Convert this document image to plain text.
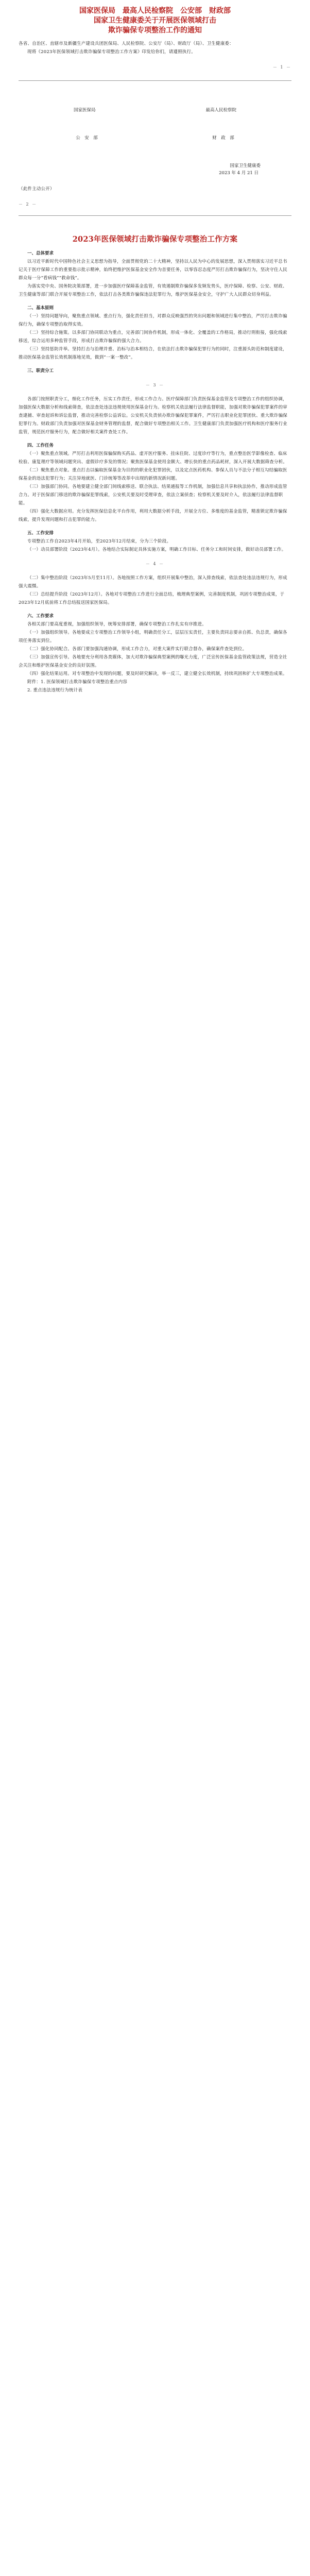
国家医保局　最高人民检察院　公安部　财政部

国家卫生健康委关于开展医保领域打击

欺诈骗保专项整治工作的通知

各省、自治区、直辖市及新疆生产建设兵团医保局、人民检察院、公安厅（局）、财政厅（局）、卫生健康委：

现将《2023年医保领域打击欺诈骗保专项整治工作方案》印发给你们，请遵照执行。

－ 1 －

国家医保局	最高人民检察院
公　安　部	财　政　部
国家卫生健康委
2023 年 4 月 21 日

（此件主动公开）

－ 2 －

2023年医保领域打击欺诈骗保专项整治工作方案

一、总体要求

以习近平新时代中国特色社会主义思想为指导，全面贯彻党的二十大精神，坚持以人民为中心的发展思想，深入贯彻落实习近平总书记关于医疗保障工作的重要指示批示精神，始终把维护医保基金安全作为首要任务，以零容忍态度严厉打击欺诈骗保行为，坚决守住人民群众每一分“看病钱”“救命钱”。

为落实党中央、国务院决策部署，进一步加强医疗保障基金监管，有效遏制欺诈骗保多发频发势头，医疗保障、检察、公安、财政、卫生健康等部门联合开展专项整治工作，依法打击各类欺诈骗保违法犯罪行为，维护医保基金安全，守护广大人民群众切身利益。

二、基本原则

（一）坚持问题导向，聚焦重点领域、重点行为，强化责任担当，对群众反映强烈的突出问题和领域进行集中整治，严厉打击欺诈骗保行为，确保专项整治取得实效。

（二）坚持综合施策。以多部门协同联动为重点，完善部门间协作机制，形成一体化、全覆盖的工作格局，推动行刑衔接，强化线索移送，综合运用多种监管手段，形成打击欺诈骗保的强大合力。

（三）坚持惩防并举。坚持打击与治理并重、治标与治本相结合，在依法打击欺诈骗保犯罪行为的同时，注重源头防范和制度建设，推动医保基金监管长效机制落地见效，做到“一案一整改”。

三、职责分工

－ 3 －

各部门按照职责分工，细化工作任务，压实工作责任，形成工作合力。医疗保障部门负责医保基金监管及专项整治工作的组织协调，加强医保大数据分析和线索筛查，依法查处违法违规使用医保基金行为。检察机关依法履行法律监督职能，加强对欺诈骗保犯罪案件的审查逮捕、审查起诉和诉讼监督，推动完善检察公益诉讼。公安机关负责侦办欺诈骗保犯罪案件，严厉打击职业化犯罪团伙、重大欺诈骗保犯罪行为。财政部门负责加强对医保基金财务管理的监督，配合做好专项整治相关工作。卫生健康部门负责加强医疗机构和医疗服务行业监管，规范医疗服务行为，配合做好相关案件查处工作。

四、工作任务

（一）聚焦重点领域。严厉打击利用医保骗保购买药品、虚开医疗服务、挂床住院、过度诊疗等行为，重点整治医学影像检查、临床检验、康复理疗等领域问题突出、虚假诊疗多发的情况；聚焦医保基金使用金额大、增长快的重点药品耗材，深入开展大数据筛查分析。

（二）聚焦重点对象。重点打击以骗取医保基金为目的的职业化犯罪团伙，以及定点医药机构、参保人员与不法分子相互勾结骗取医保基金的违法犯罪行为；关注异地就医、门诊统筹等改革中出现的新情况新问题。

（三）加强部门协同。各地要建立健全部门间线索移送、联合执法、结果通报等工作机制，加强信息共享和执法协作，推动形成监管合力。对于医保部门移送的欺诈骗保犯罪线索，公安机关要及时受理审查，依法立案侦查；检察机关要及时介入，依法履行法律监督职能。

（四）强化大数据应用。充分发挥医保信息化平台作用，利用大数据分析手段，开展全方位、多维度的基金监管，精准锁定欺诈骗保线索，提升发现问题和打击犯罪的能力。

五、工作安排

专项整治工作自2023年4月开始，至2023年12月结束，分为三个阶段。

（一）动员部署阶段（2023年4月）。各地结合实际制定具体实施方案，明确工作目标、任务分工和时间安排，做好动员部署工作。

－ 4 －

（二）集中整治阶段（2023年5月至11月）。各地按照工作方案，组织开展集中整治，深入排查线索，依法查处违法违规行为，形成强大震慑。

（三）总结提升阶段（2023年12月）。各地对专项整治工作进行全面总结，梳理典型案例，完善制度机制，巩固专项整治成果，于2023年12月底前将工作总结报送国家医保局。

六、工作要求

各相关部门要高度重视，加强组织领导，统筹安排部署，确保专项整治工作扎实有序推进。

（一）加强组织领导。各地要成立专项整治工作领导小组，明确责任分工，层层压实责任，主要负责同志要亲自抓、负总责，确保各项任务落实到位。

（二）强化协同配合。各部门要加强沟通协调，形成工作合力，对重大案件实行联合督办，确保案件查处到位。

（三）加强宣传引导。各地要充分利用各类媒体，加大对欺诈骗保典型案例的曝光力度，广泛宣传医保基金监管政策法规，营造全社会关注和维护医保基金安全的良好氛围。

（四）强化结果运用。对专项整治中发现的问题，要及时研究解决，举一反三，建立健全长效机制，持续巩固和扩大专项整治成果。

附件：1. 医保领域打击欺诈骗保专项整治重点内容

2. 重点违法违规行为统计表
